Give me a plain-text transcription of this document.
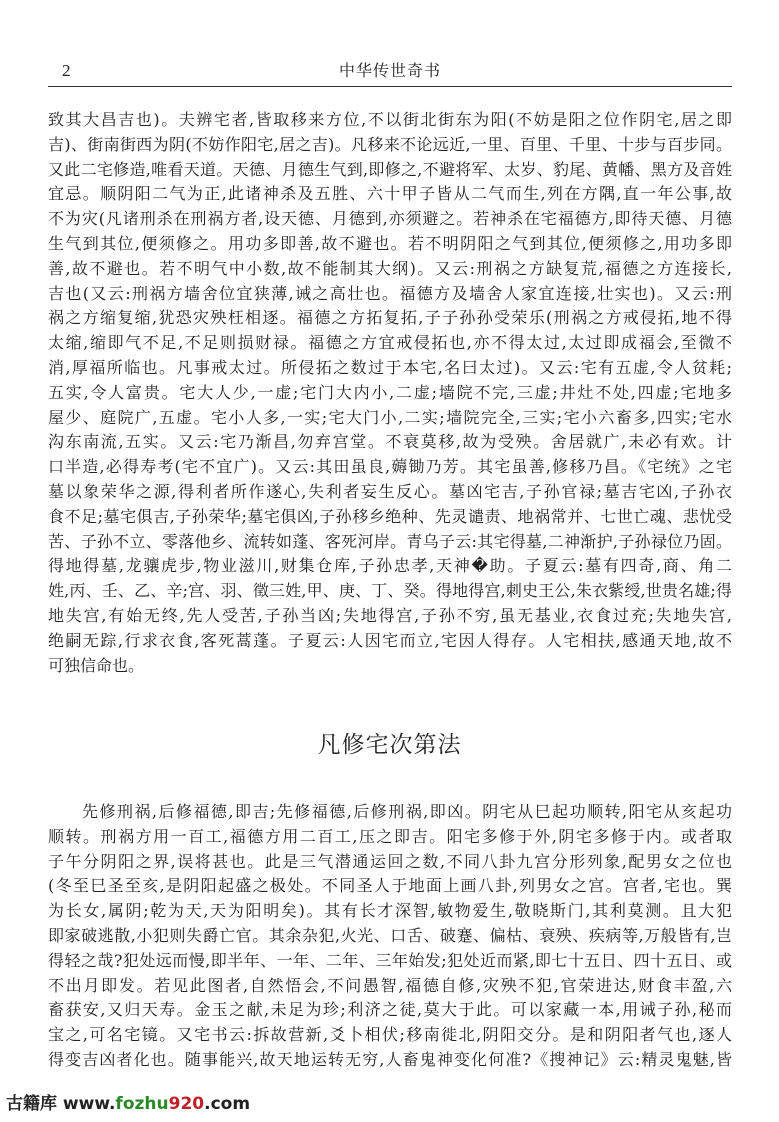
2	中华传世奇书
致其大昌吉也)。夫辨宅者,皆取移来方位,不以街北街东为阳(不妨是阳之位作阴宅,居之即
吉)、街南街西为阴(不妨作阳宅,居之吉)。凡移来不论远近,一里、百里、千里、十步与百步同。
又此二宅修造,唯看天道。天德、月德生气到,即修之,不避将军、太岁、豹尾、黄幡、黑方及音姓
宜忌。顺阴阳二气为正,此诸神杀及五胜、六十甲子皆从二气而生,列在方隅,直一年公事,故
不为灾(凡诸刑杀在刑祸方者,设天德、月德到,亦须避之。若神杀在宅福德方,即待天德、月德
生气到其位,便须修之。用功多即善,故不避也。若不明阴阳之气到其位,便须修之,用功多即
善,故不避也。若不明气中小数,故不能制其大纲)。又云:刑祸之方缺复荒,福德之方连接长,
吉也(又云:刑祸方墙舍位宜狭薄,诫之高壮也。福德方及墙舍人家宜连接,壮实也)。又云:刑
祸之方缩复缩,犹恐灾殃枉相逐。福德之方拓复拓,子子孙孙受荣乐(刑祸之方戒侵拓,地不得
太缩,缩即气不足,不足则损财禄。福德之方宜戒侵拓也,亦不得太过,太过即成福会,至微不
消,厚福所临也。凡事戒太过。所侵拓之数过于本宅,名曰太过)。又云:宅有五虚,令人贫耗;
五实,令人富贵。宅大人少,一虚;宅门大内小,二虚;墙院不完,三虚;井灶不处,四虚;宅地多
屋少、庭院广,五虚。宅小人多,一实;宅大门小,二实;墙院完全,三实;宅小六畜多,四实;宅水
沟东南流,五实。又云:宅乃渐昌,勿弃宫堂。不衰莫移,故为受殃。舍居就广,未必有欢。计
口半造,必得寿考(宅不宜广)。又云:其田虽良,薅锄乃芳。其宅虽善,修移乃昌。《宅统》之宅
墓以象荣华之源,得利者所作遂心,失利者妄生反心。墓凶宅吉,子孙官禄;墓吉宅凶,子孙衣
食不足;墓宅俱吉,子孙荣华;墓宅俱凶,子孙移乡绝种、先灵谴责、地祸常并、七世亡魂、悲忧受
苦、子孙不立、零落他乡、流转如蓬、客死河岸。青乌子云:其宅得墓,二神渐护,子孙禄位乃固。
得地得墓,龙骧虎步,物业滋川,财集仓库,子孙忠孝,天神�助。子夏云:墓有四奇,商、角二
姓,丙、壬、乙、辛;宫、羽、徵三姓,甲、庚、丁、癸。得地得宫,刺史王公,朱衣紫绶,世贵名雄;得
地失宫,有始无终,先人受苦,子孙当凶;失地得宫,子孙不穷,虽无基业,衣食过充;失地失宫,
绝嗣无踪,行求衣食,客死蒿蓬。子夏云:人因宅而立,宅因人得存。人宅相扶,感通天地,故不
可独信命也。
凡修宅次第法
先修刑祸,后修福德,即吉;先修福德,后修刑祸,即凶。阴宅从巳起功顺转,阳宅从亥起功
顺转。刑祸方用一百工,福德方用二百工,压之即吉。阳宅多修于外,阴宅多修于内。或者取
子午分阴阳之界,误将甚也。此是三气潜通运回之数,不同八卦九宫分形列象,配男女之位也
(冬至巳圣至亥,是阴阳起盛之极处。不同圣人于地面上画八卦,列男女之宫。宫者,宅也。巽
为长女,属阴;乾为天,天为阳明矣)。其有长才深智,敏物爱生,敬晓斯门,其利莫测。且大犯
即家破逃散,小犯则失爵亡官。其余杂犯,火光、口舌、破蹇、偏枯、衰殃、疾病等,万般皆有,岂
得轻之哉?犯处远而慢,即半年、一年、二年、三年始发;犯处近而紧,即七十五日、四十五日、或
不出月即发。若见此图者,自然悟会,不问愚智,福德自修,灾殃不犯,官荣进达,财食丰盈,六
畜获安,又归天寿。金玉之献,未足为珍;利济之徒,莫大于此。可以家藏一本,用诫子孙,秘而
宝之,可名宅镜。又宅书云:拆故营新,爻卜相伏;移南徙北,阴阳交分。是和阴阳者气也,逐人
得变吉凶者化也。随事能兴,故天地运转无穷,人畜鬼神变化何准?《搜神记》云:精灵鬼魅,皆
古籍库 www.fozhu920.com
